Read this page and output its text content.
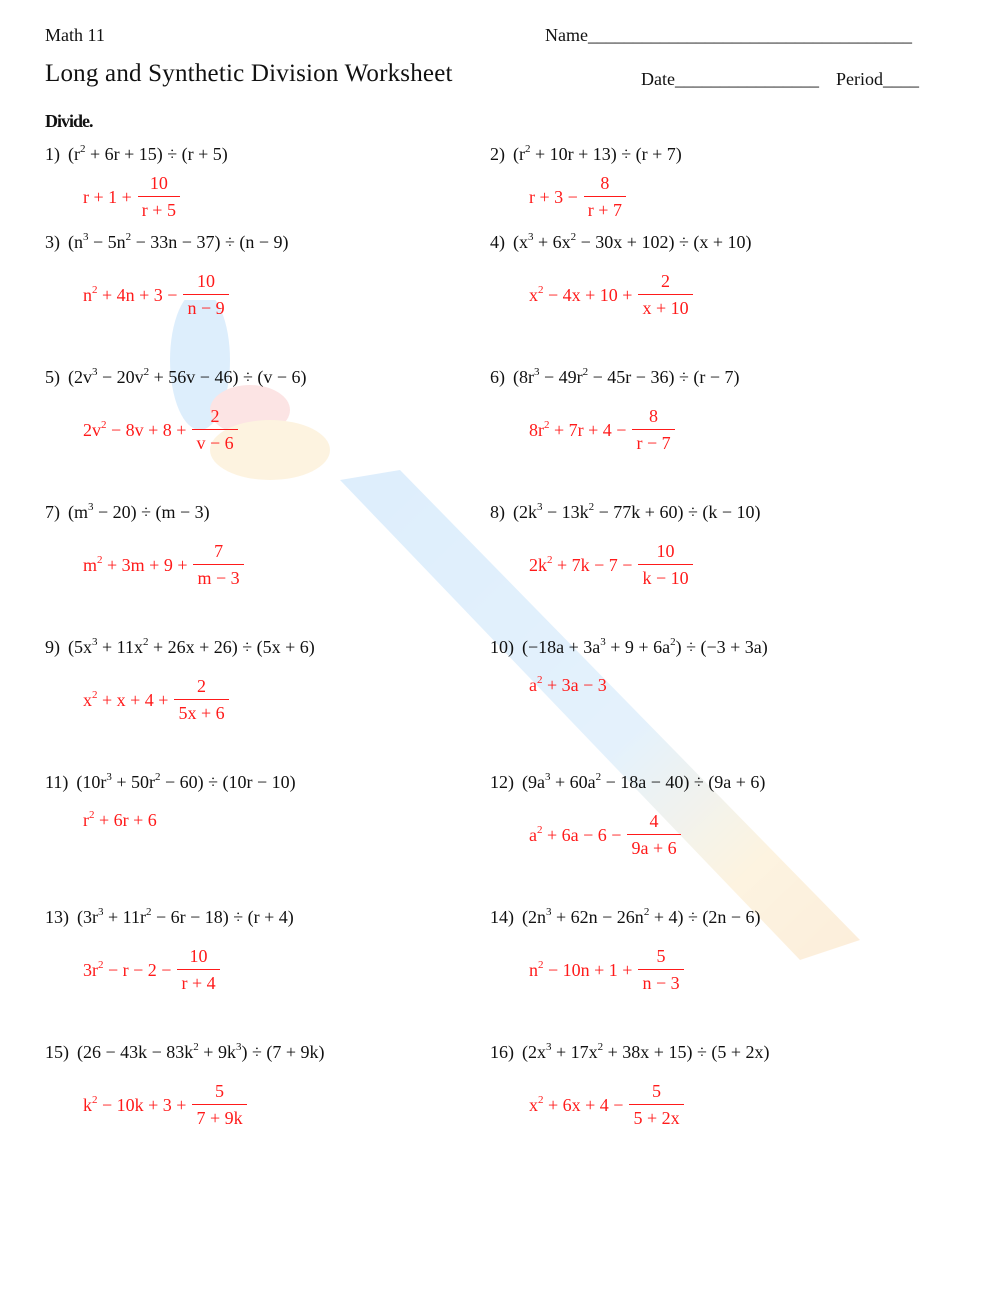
Math 11
Long and Synthetic Division Worksheet
Name____________________________________
Date________________ Period____
Divide.
1) $(r^2 + 6r + 15) \div (r + 5)$
$r + 1 + \frac{10}{r + 5}$
2) $(r^2 + 10r + 13) \div (r + 7)$
$r + 3 - \frac{8}{r + 7}$
3) $(n^3 - 5n^2 - 33n - 37) \div (n - 9)$
$n^2 + 4n + 3 - \frac{10}{n - 9}$
4) $(x^3 + 6x^2 - 30x + 102) \div (x + 10)$
$x^2 - 4x + 10 + \frac{2}{x + 10}$
5) $(2v^3 - 20v^2 + 56v - 46) \div (v - 6)$
$2v^2 - 8v + 8 + \frac{2}{v - 6}$
6) $(8r^3 - 49r^2 - 45r - 36) \div (r - 7)$
$8r^2 + 7r + 4 - \frac{8}{r - 7}$
7) $(m^3 - 20) \div (m - 3)$
$m^2 + 3m + 9 + \frac{7}{m - 3}$
8) $(2k^3 - 13k^2 - 77k + 60) \div (k - 10)$
$2k^2 + 7k - 7 - \frac{10}{k - 10}$
9) $(5x^3 + 11x^2 + 26x + 26) \div (5x + 6)$
$x^2 + x + 4 + \frac{2}{5x + 6}$
10) $(-18a + 3a^3 + 9 + 6a^2) \div (-3 + 3a)$
$a^2 + 3a - 3$
11) $(10r^3 + 50r^2 - 60) \div (10r - 10)$
$r^2 + 6r + 6$
12) $(9a^3 + 60a^2 - 18a - 40) \div (9a + 6)$
$a^2 + 6a - 6 - \frac{4}{9a + 6}$
13) $(3r^3 + 11r^2 - 6r - 18) \div (r + 4)$
$3r^2 - r - 2 - \frac{10}{r + 4}$
14) $(2n^3 + 62n - 26n^2 + 4) \div (2n - 6)$
$n^2 - 10n + 1 + \frac{5}{n - 3}$
15) $(26 - 43k - 83k^2 + 9k^3) \div (7 + 9k)$
$k^2 - 10k + 3 + \frac{5}{7 + 9k}$
16) $(2x^3 + 17x^2 + 38x + 15) \div (5 + 2x)$
$x^2 + 6x + 4 - \frac{5}{5 + 2x}$
